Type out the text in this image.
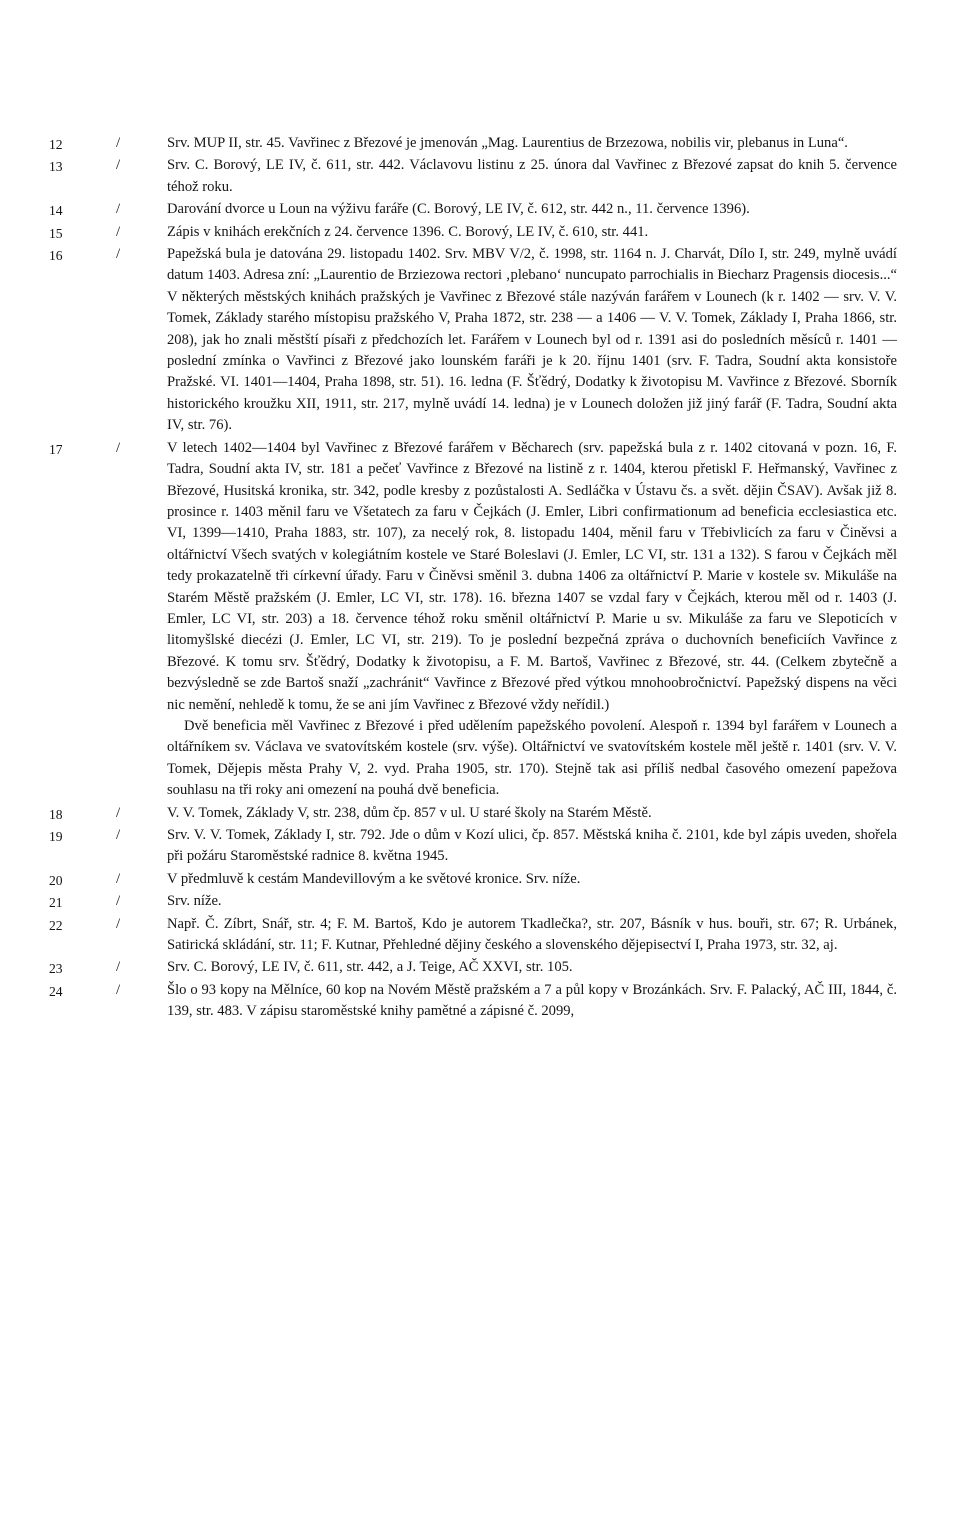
12	/	Srv. MUP II, str. 45. Vavřinec z Březové je jmenován „Mag. Laurentius de Brzezowa, nobilis vir, plebanus in Luna“.

13	/	Srv. C. Borový, LE IV, č. 611, str. 442. Václavovu listinu z 25. února dal Vavřinec z Březové zapsat do knih 5. července téhož roku.

14	/	Darování dvorce u Loun na výživu faráře (C. Borový, LE IV, č. 612, str. 442 n., 11. července 1396).

15	/	Zápis v knihách erekčních z 24. července 1396. C. Borový, LE IV, č. 610, str. 441.

16	/	Papežská bula je datována 29. listopadu 1402. Srv. MBV V/2, č. 1998, str. 1164 n. J. Charvát, Dílo I, str. 249, mylně uvádí datum 1403. Adresa zní: „Laurentio de Brziezowa rectori ‚plebano‘ nuncupato parrochialis in Biecharz Pragensis diocesis...“ V některých městských knihách pražských je Vavřinec z Březové stále nazýván farářem v Lounech (k r. 1402 — srv. V. V. Tomek, Základy starého místopisu pražského V, Praha 1872, str. 238 — a 1406 — V. V. Tomek, Základy I, Praha 1866, str. 208), jak ho znali městští písaři z předchozích let. Farářem v Lounech byl od r. 1391 asi do posledních měsíců r. 1401 — poslední zmínka o Vavřinci z Březové jako lounském faráři je k 20. říjnu 1401 (srv. F. Tadra, Soudní akta konsistoře Pražské. VI. 1401—1404, Praha 1898, str. 51). 16. ledna (F. Šťědrý, Dodatky k životopisu M. Vavřince z Březové. Sborník historického kroužku XII, 1911, str. 217, mylně uvádí 14. ledna) je v Lounech doložen již jiný farář (F. Tadra, Soudní akta IV, str. 76).

17	/	V letech 1402—1404 byl Vavřinec z Březové farářem v Běcharech (srv. papežská bula z r. 1402 citovaná v pozn. 16, F. Tadra, Soudní akta IV, str. 181 a pečeť Vavřince z Březové na listině z r. 1404, kterou přetiskl F. Heřmanský, Vavřinec z Březové, Husitská kronika, str. 342, podle kresby z pozůstalosti A. Sedláčka v Ústavu čs. a svět. dějin ČSAV). Avšak již 8. prosince r. 1403 měnil faru ve Všetatech za faru v Čejkách (J. Emler, Libri confirmationum ad beneficia ecclesiastica etc. VI, 1399—1410, Praha 1883, str. 107), za necelý rok, 8. listopadu 1404, měnil faru v Třebivlicích za faru v Činěvsi a oltářnictví Všech svatých v kolegiátním kostele ve Staré Boleslavi (J. Emler, LC VI, str. 131 a 132). S farou v Čejkách měl tedy prokazatelně tři církevní úřady. Faru v Činěvsi směnil 3. dubna 1406 za oltářnictví P. Marie v kostele sv. Mikuláše na Starém Městě pražském (J. Emler, LC VI, str. 178). 16. března 1407 se vzdal fary v Čejkách, kterou měl od r. 1403 (J. Emler, LC VI, str. 203) a 18. července téhož roku směnil oltářnictví P. Marie u sv. Mikuláše za faru ve Slepoticích v litomyšlské diecézi (J. Emler, LC VI, str. 219). To je poslední bezpečná zpráva o duchovních beneficiích Vavřince z Březové. K tomu srv. Šťědrý, Dodatky k životopisu, a F. M. Bartoš, Vavřinec z Březové, str. 44. (Celkem zbytečně a bezvýsledně se zde Bartoš snaží „zachránit“ Vavřince z Březové před výtkou mnohoobročnictví. Papežský dispens na věci nic nemění, nehledě k tomu, že se ani jím Vavřinec z Březové vždy neřídil.)

Dvě beneficia měl Vavřinec z Březové i před udělením papežského povolení. Alespoň r. 1394 byl farářem v Lounech a oltářníkem sv. Václava ve svatovítském kostele (srv. výše). Oltářnictví ve svatovítském kostele měl ještě r. 1401 (srv. V. V. Tomek, Dějepis města Prahy V, 2. vyd. Praha 1905, str. 170). Stejně tak asi příliš nedbal časového omezení papežova souhlasu na tři roky ani omezení na pouhá dvě beneficia.

18	/	V. V. Tomek, Základy V, str. 238, dům čp. 857 v ul. U staré školy na Starém Městě.

19	/	Srv. V. V. Tomek, Základy I, str. 792. Jde o dům v Kozí ulici, čp. 857. Městská kniha č. 2101, kde byl zápis uveden, shořela při požáru Staroměstské radnice 8. května 1945.

20	/	V předmluvě k cestám Mandevillovým a ke světové kronice. Srv. níže.

21	/	Srv. níže.

22	/	Např. Č. Zíbrt, Snář, str. 4; F. M. Bartoš, Kdo je autorem Tkadlečka?, str. 207, Básník v hus. bouři, str. 67; R. Urbánek, Satirická skládání, str. 11; F. Kutnar, Přehledné dějiny českého a slovenského dějepisectví I, Praha 1973, str. 32, aj.

23	/	Srv. C. Borový, LE IV, č. 611, str. 442, a J. Teige, AČ XXVI, str. 105.

24	/	Šlo o 93 kopy na Mělníce, 60 kop na Novém Městě pražském a 7 a půl kopy v Brozánkách. Srv. F. Palacký, AČ III, 1844, č. 139, str. 483. V zápisu staroměstské knihy pamětné a zápisné č. 2099,
